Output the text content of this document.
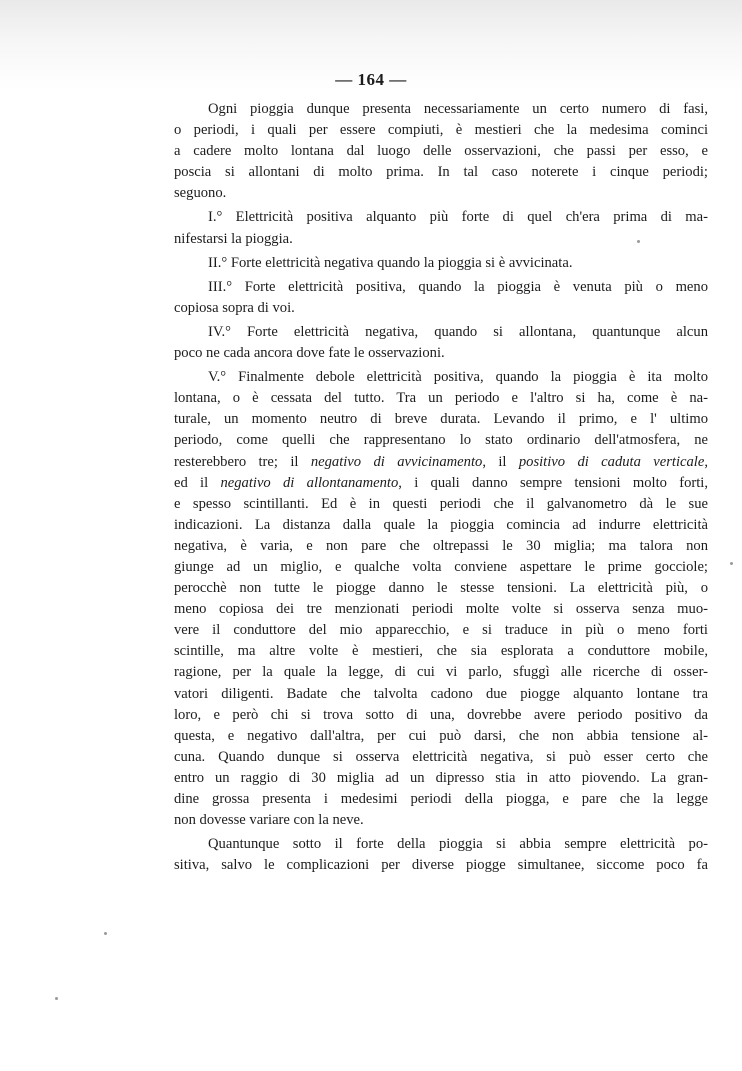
— 164 —
Ogni pioggia dunque presenta necessariamente un certo numero di fasi,
o periodi, i quali per essere compiuti, è mestieri che la medesima cominci
a cadere molto lontana dal luogo delle osservazioni, che passi per esso, e
poscia si allontani di molto prima. In tal caso noterete i cinque periodi;
seguono.
I.° Elettricità positiva alquanto più forte di quel ch'era prima di ma-
nifestarsi la pioggia.
II.° Forte elettricità negativa quando la pioggia si è avvicinata.
III.° Forte elettricità positiva, quando la pioggia è venuta più o meno
copiosa sopra di voi.
IV.° Forte elettricità negativa, quando si allontana, quantunque alcun
poco ne cada ancora dove fate le osservazioni.
V.° Finalmente debole elettricità positiva, quando la pioggia è ita molto
lontana, o è cessata del tutto. Tra un periodo e l'altro si ha, come è na-
turale, un momento neutro di breve durata. Levando il primo, e l' ultimo
periodo, come quelli che rappresentano lo stato ordinario dell'atmosfera, ne
resterebbero tre; il negativo di avvicinamento, il positivo di caduta verticale,
ed il negativo di allontanamento, i quali danno sempre tensioni molto forti,
e spesso scintillanti. Ed è in questi periodi che il galvanometro dà le sue
indicazioni. La distanza dalla quale la pioggia comincia ad indurre elettricità
negativa, è varia, e non pare che oltrepassi le 30 miglia; ma talora non
giunge ad un miglio, e qualche volta conviene aspettare le prime gocciole;
perocchè non tutte le piogge danno le stesse tensioni. La elettricità più, o
meno copiosa dei tre menzionati periodi molte volte si osserva senza muo-
vere il conduttore del mio apparecchio, e si traduce in più o meno forti
scintille, ma altre volte è mestieri, che sia esplorata a conduttore mobile,
ragione, per la quale la legge, di cui vi parlo, sfuggì alle ricerche di osser-
vatori diligenti. Badate che talvolta cadono due piogge alquanto lontane tra
loro, e però chi si trova sotto di una, dovrebbe avere periodo positivo da
questa, e negativo dall'altra, per cui può darsi, che non abbia tensione al-
cuna. Quando dunque si osserva elettricità negativa, si può esser certo che
entro un raggio di 30 miglia ad un dipresso stia in atto piovendo. La gran-
dine grossa presenta i medesimi periodi della piogga, e pare che la legge
non dovesse variare con la neve.
Quantunque sotto il forte della pioggia si abbia sempre elettricità po-
sitiva, salvo le complicazioni per diverse piogge simultanee, siccome poco fa
